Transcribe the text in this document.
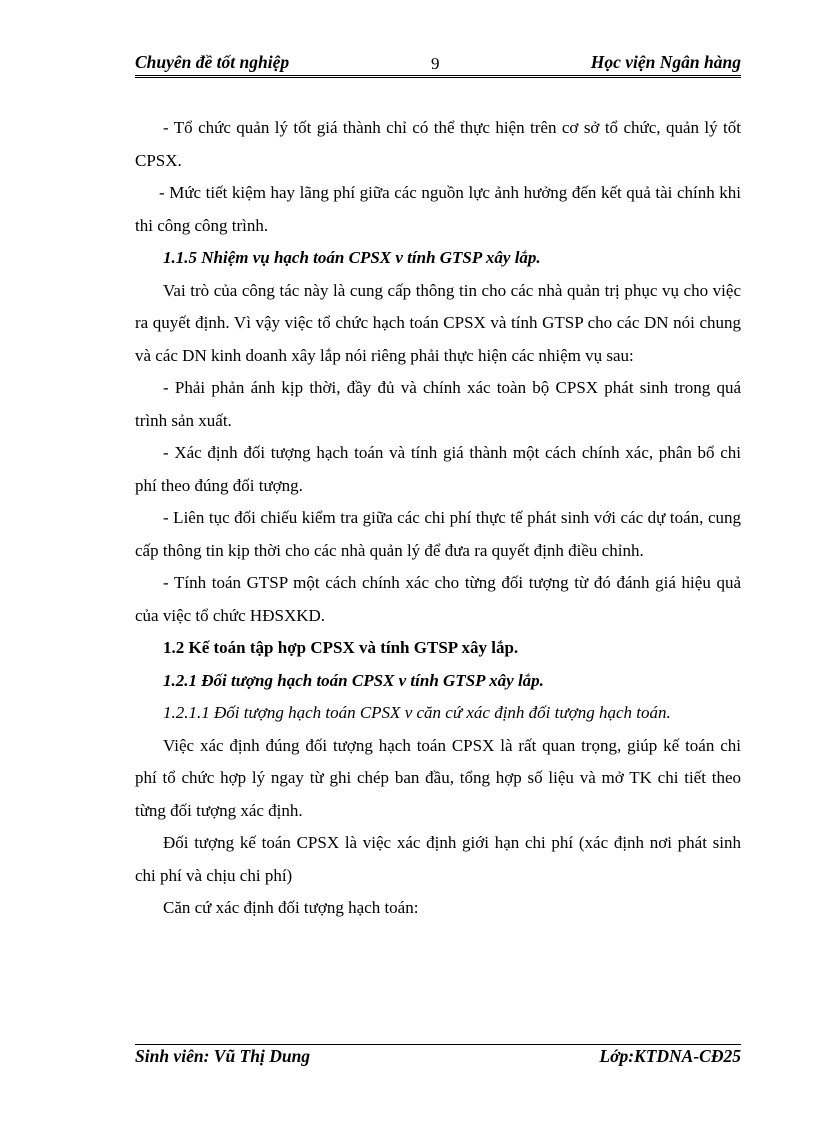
Chuyên đề tốt nghiệp	9	Học viện Ngân hàng

- Tổ chức quản lý tốt giá thành chỉ có thể thực hiện trên cơ sở tổ chức, quản lý tốt CPSX.

- Mức tiết kiệm hay lãng phí giữa các nguồn lực ảnh hưởng đến kết quả tài chính khi thi công công trình.

1.1.5 Nhiệm vụ hạch toán CPSX v tính GTSP xây lắp.

Vai trò của công tác này là cung cấp thông tin cho các nhà quản trị phục vụ cho việc ra quyết định. Vì vậy việc tổ chức hạch toán CPSX và tính GTSP cho các DN nói chung và các DN kinh doanh xây lắp nói riêng phải thực hiện các nhiệm vụ sau:

- Phải phản ánh kịp thời, đầy đủ và chính xác toàn bộ CPSX phát sinh trong quá trình sản xuất.

- Xác định đối tượng hạch toán và tính giá thành một cách chính xác, phân bổ chi phí theo đúng đối tượng.

- Liên tục đối chiếu kiểm tra giữa các chi phí thực tế phát sinh với các dự toán, cung cấp thông tin kịp thời cho các nhà quản lý để đưa ra quyết định điều chỉnh.

- Tính toán GTSP một cách chính xác cho từng đối tượng từ đó đánh giá hiệu quả của việc tổ chức HĐSXKD.

1.2 Kế toán tập hợp CPSX và tính GTSP xây lắp.

1.2.1 Đối tượng hạch toán CPSX v tính GTSP xây lắp.

1.2.1.1 Đối tượng hạch toán CPSX v căn cứ xác định đối tượng hạch toán.

Việc xác định đúng đối tượng hạch toán CPSX là rất quan trọng, giúp kế toán chi phí tổ chức hợp lý ngay từ ghi chép ban đầu, tổng hợp số liệu và mở TK chi tiết theo từng đối tượng xác định.

Đối tượng kế toán CPSX là việc xác định giới hạn chi phí (xác định nơi phát sinh chi phí và chịu chi phí)

Căn cứ xác định đối tượng hạch toán:

Sinh viên: Vũ Thị Dung	Lớp:KTDNA-CĐ25
